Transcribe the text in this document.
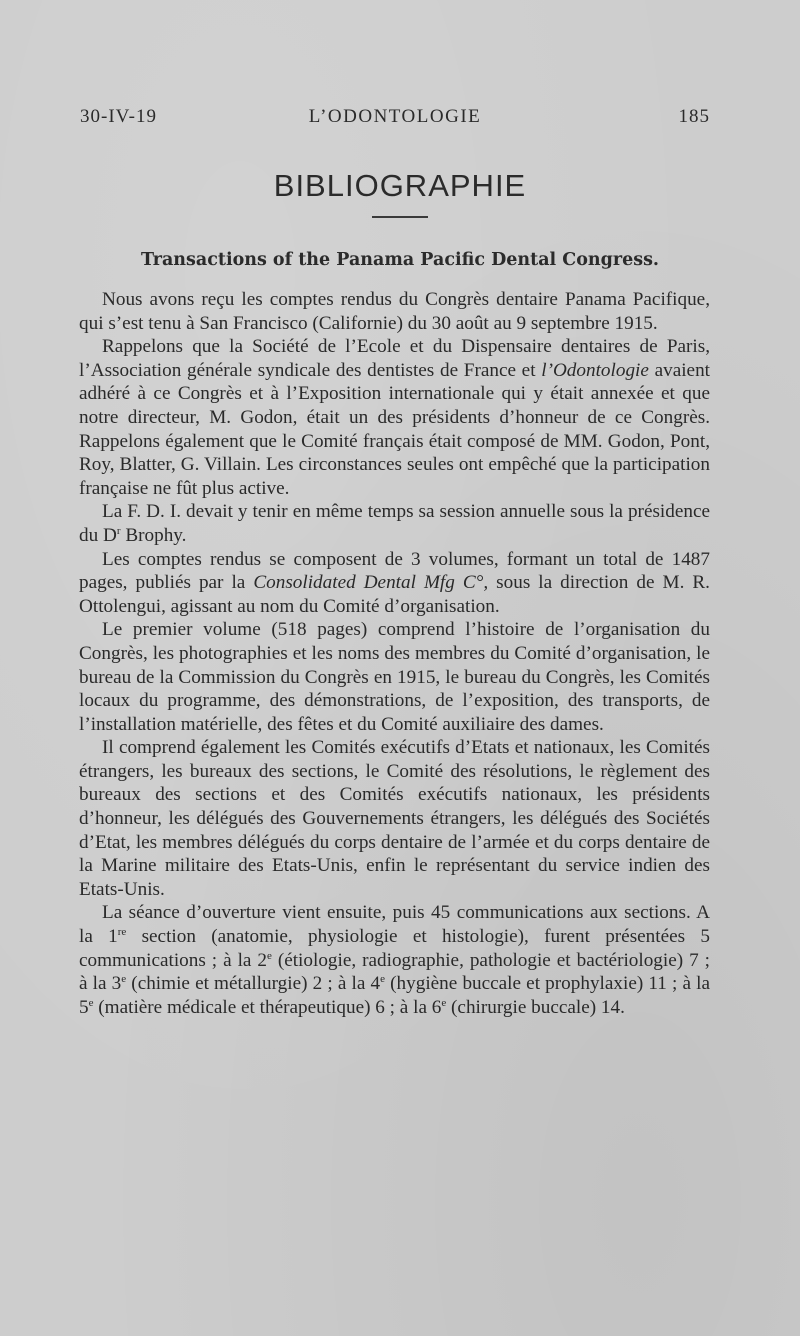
30-IV-19	L’ODONTOLOGIE	185
BIBLIOGRAPHIE
Transactions of the Panama Pacific Dental Congress.

Nous avons reçu les comptes rendus du Congrès dentaire Panama Pacifique, qui s’est tenu à San Francisco (Californie) du 30 août au 9 septembre 1915.

Rappelons que la Société de l’Ecole et du Dispensaire dentaires de Paris, l’Association générale syndicale des dentistes de France et l’Odontologie avaient adhéré à ce Congrès et à l’Exposition internationale qui y était annexée et que notre directeur, M. Godon, était un des présidents d’honneur de ce Congrès. Rappelons également que le Comité français était composé de MM. Godon, Pont, Roy, Blatter, G. Villain. Les circonstances seules ont empêché que la participation française ne fût plus active.

La F. D. I. devait y tenir en même temps sa session annuelle sous la présidence du $D^r$ Brophy.

Les comptes rendus se composent de 3 volumes, formant un total de 1487 pages, publiés par la Consolidated Dental Mfg C°, sous la direction de M. R. Ottolengui, agissant au nom du Comité d’organisation.

Le premier volume (518 pages) comprend l’histoire de l’organisation du Congrès, les photographies et les noms des membres du Comité d’organisation, le bureau de la Commission du Congrès en 1915, le bureau du Congrès, les Comités locaux du programme, des démonstrations, de l’exposition, des transports, de l’installation matérielle, des fêtes et du Comité auxiliaire des dames.

Il comprend également les Comités exécutifs d’Etats et nationaux, les Comités étrangers, les bureaux des sections, le Comité des résolutions, le règlement des bureaux des sections et des Comités exécutifs nationaux, les présidents d’honneur, les délégués des Gouvernements étrangers, les délégués des Sociétés d’Etat, les membres délégués du corps dentaire de l’armée et du corps dentaire de la Marine militaire des Etats-Unis, enfin le représentant du service indien des Etats-Unis.

La séance d’ouverture vient ensuite, puis 45 communications aux sections. A la 1re section (anatomie, physiologie et histologie), furent présentées 5 communications ; à la 2e (étiologie, radiographie, pathologie et bactériologie) 7 ; à la 3e (chimie et métallurgie) 2 ; à la 4e (hygiène buccale et prophylaxie) 11 ; à la 5e (matière médicale et thérapeutique) 6 ; à la 6e (chirurgie buccale) 14.
